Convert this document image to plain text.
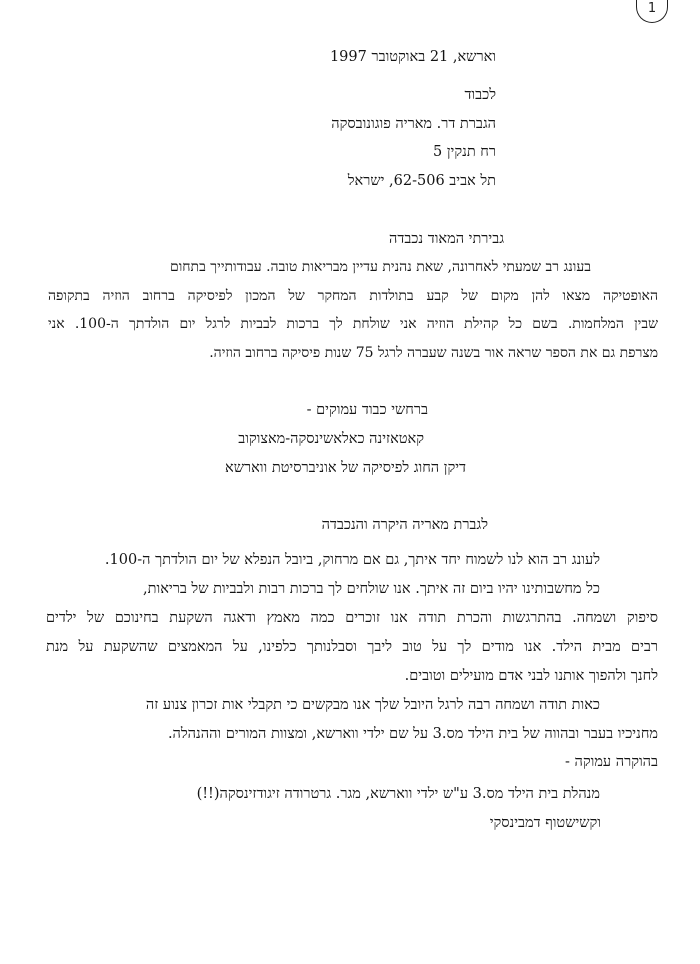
1
וארשא, 21 באוקטובר 1997
לכבוד
הגברת דר. מאריה פוגונובסקה
רח תנקין 5
תל אביב 62-506, ישראל
גבירתי המאוד נכבדה
בעונג רב שמעתי לאחרונה, שאת נהנית עדיין מבריאות טובה. עבודותייך בתחום
האופטיקה מצאו להן מקום של קבע בתולדות המחקר של המכון לפיסיקה ברחוב הוזיה בתקופה
שבין המלחמות. בשם כל קהילת הוזיה אני שולחת לך ברכות לבביות לרגל יום הולדתך ה-100. אני
מצרפת גם את הספר שראה אור בשנה שעברה לרגל 75 שנות פיסיקה ברחוב הוזיה.
ברחשי כבוד עמוקים -
קאטאזינה כאלאשינסקה-מאצוקוב
דיקן החוג לפיסיקה של אוניברסיטת ווארשא
לגברת מאריה היקרה והנכבדה
לעונג רב הוא לנו לשמוח יחד איתך, גם אם מרחוק, ביובל הנפלא של יום הולדתך ה-100.
כל מחשבותינו יהיו ביום זה איתך. אנו שולחים לך ברכות רבות ולבביות של בריאות,
סיפוק ושמחה. בהתרגשות והכרת תודה אנו זוכרים כמה מאמץ ודאגה השקעת בחינוכם של ילדים
רבים מבית הילד. אנו מודים לך על טוב ליבך וסבלנותך כלפינו, על המאמצים שהשקעת על מנת
לחנך ולהפוך אותנו לבני אדם מועילים וטובים.
כאות תודה ושמחה רבה לרגל היובל שלך אנו מבקשים כי תקבלי אות זכרון צנוע זה
מחניכיו בעבר ובהווה של בית הילד מס.3 על שם ילדי ווארשא, ומצוות המורים וההנהלה.
בהוקרה עמוקה -
מנהלת בית הילד מס.3 ע"ש ילדי ווארשא, מגר. גרטרודה זיגודזינסקה(!!)
וקשישטוף דמבינסקי
